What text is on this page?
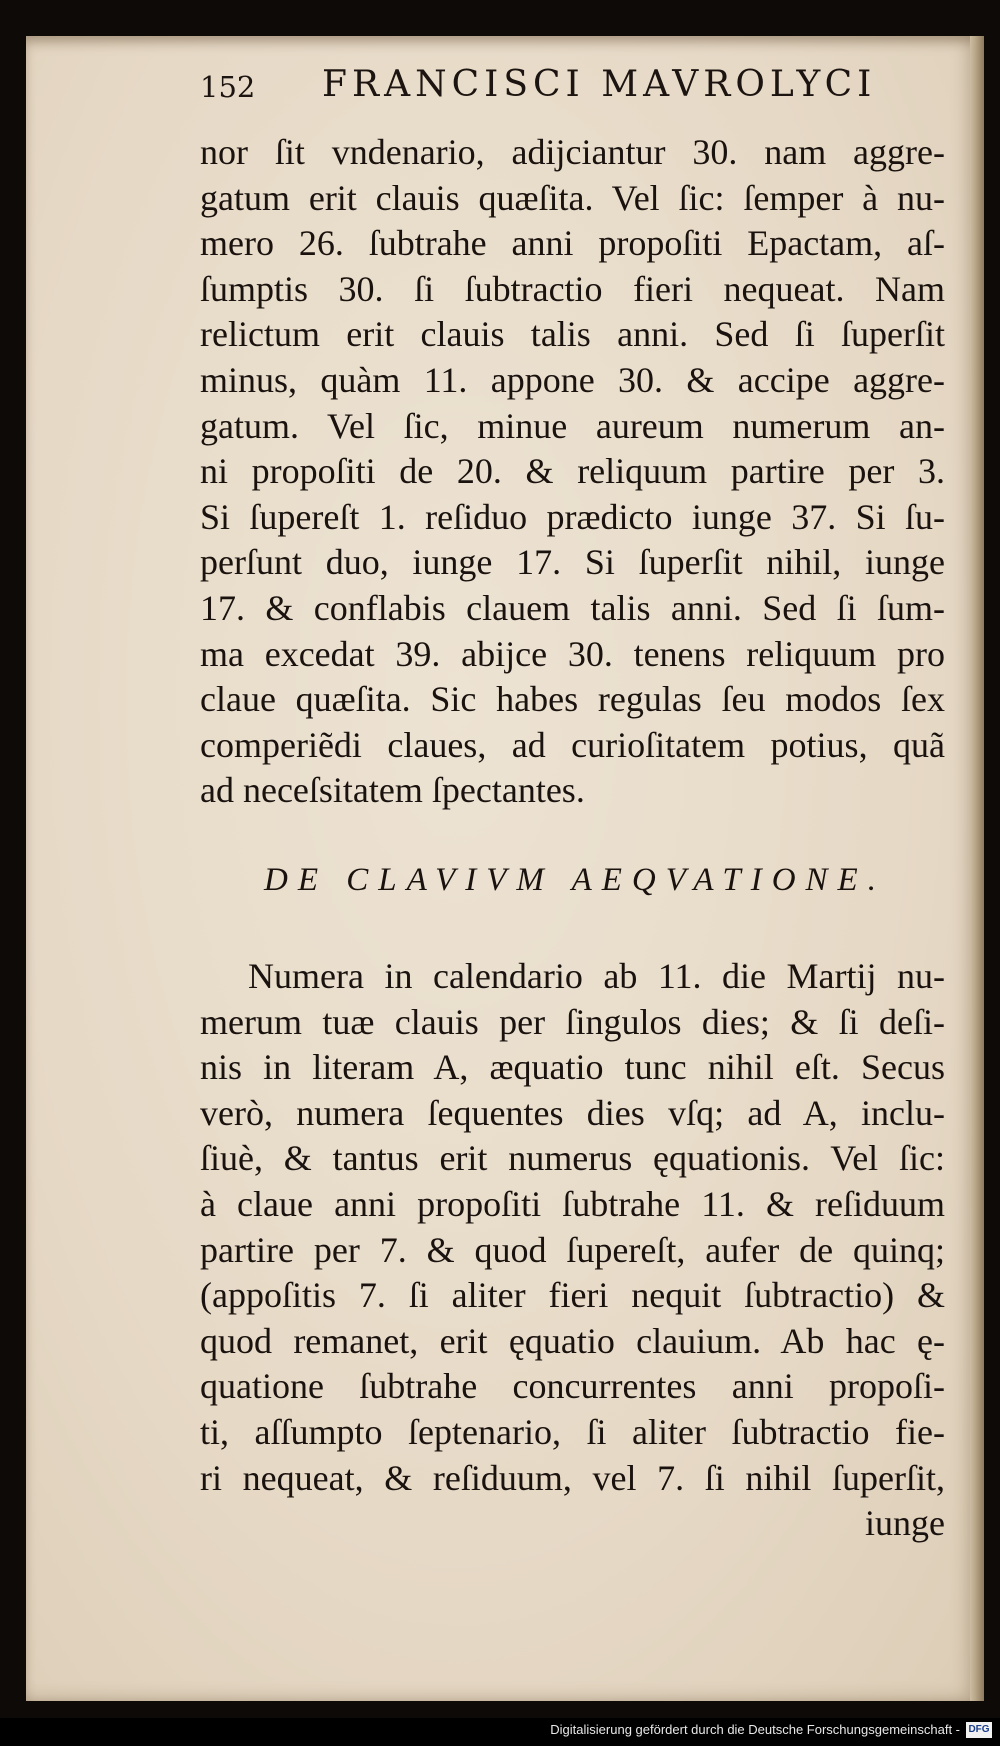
152 FRANCISCI MAVROLYCI
nor ſit vndenario, adijciantur 30. nam aggre-
gatum erit clauis quæſita. Vel ſic: ſemper à nu-
mero 26. ſubtrahe anni propoſiti Epactam, aſ-
ſumptis 30. ſi ſubtractio fieri nequeat. Nam
relictum erit clauis talis anni. Sed ſi ſuperſit
minus, quàm 11. appone 30. & accipe aggre-
gatum. Vel ſic, minue aureum numerum an-
ni propoſiti de 20. & reliquum partire per 3.
Si ſupereſt 1. reſiduo prædicto iunge 37. Si ſu-
perſunt duo, iunge 17. Si ſuperſit nihil, iunge
17. & conflabis clauem talis anni. Sed ſi ſum-
ma excedat 39. abijce 30. tenens reliquum pro
claue quæſita. Sic habes regulas ſeu modos ſex
comperiẽdi claues, ad curioſitatem potius, quã
ad neceſsitatem ſpectantes.
DE CLAVIVM AEQVATIONE.
Numera in calendario ab 11. die Martij nu-
merum tuæ clauis per ſingulos dies; & ſi deſi-
nis in literam A, æquatio tunc nihil eſt. Secus
verò, numera ſequentes dies vſq; ad A, inclu-
ſiuè, & tantus erit numerus ęquationis. Vel ſic:
à claue anni propoſiti ſubtrahe 11. & reſiduum
partire per 7. & quod ſupereſt, aufer de quinq;
(appoſitis 7. ſi aliter fieri nequit ſubtractio) &
quod remanet, erit ęquatio clauium. Ab hac ę-
quatione ſubtrahe concurrentes anni propoſi-
ti, aſſumpto ſeptenario, ſi aliter ſubtractio fie-
ri nequeat, & reſiduum, vel 7. ſi nihil ſuperſit,
iunge
Digitalisierung gefördert durch die Deutsche Forschungsgemeinschaft - DFG
